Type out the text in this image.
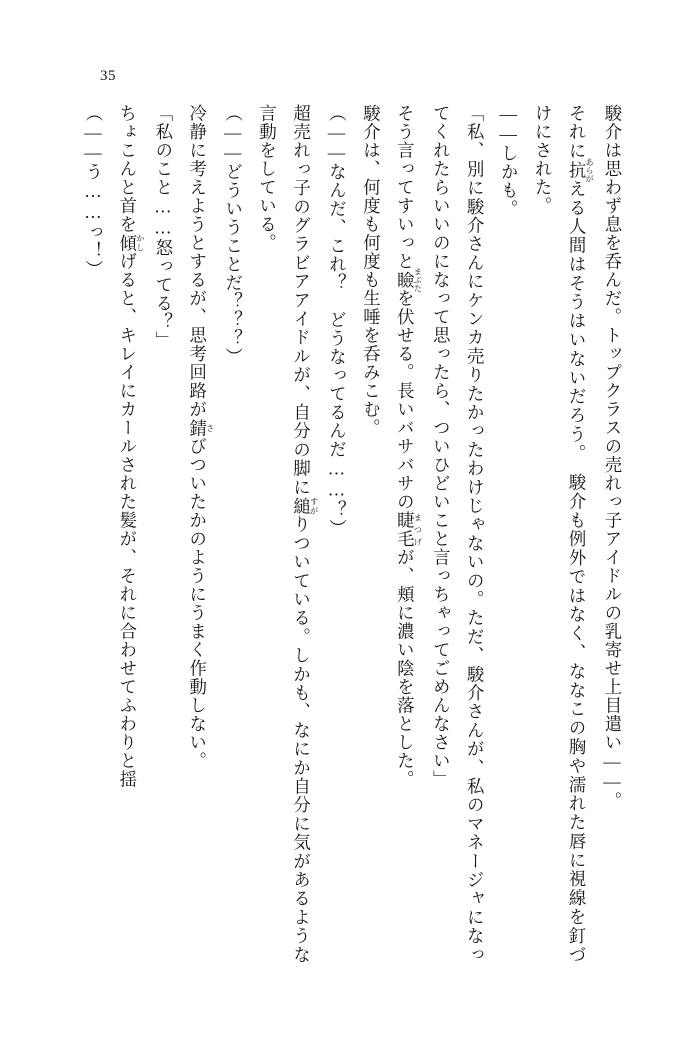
35

駿介は思わず息を呑んだ。トップクラスの売れっ子アイドルの乳寄せ上目遣い——。

それに抗 あらがえる人間はそうはいないだろう。　駿介も例外ではなく、ななこの胸や濡れた唇に視線を釘づけにされた。

——しかも。

「私、別に駿介さんにケンカ売りたかったわけじゃないの。ただ、駿介さんが、私のマネージャになってくれたらいいのになって思ったら、ついひどいこと言っちゃってごめんなさい」

そう言ってすいっと瞼 まぶたを伏せる。長いバサバサの睫毛 まつげが、頬に濃い陰を落とした。

駿介は、何度も何度も生唾を呑みこむ。

（——なんだ、これ？　どうなってるんだ……？）

超売れっ子のグラビアアイドルが、自分の脚に縋 すがりついている。しかも、なにか自分に気があるような言動をしている。

（——どういうことだ？？？）

冷静に考えようとするが、思考回路が錆 さびついたかのようにうまく作動しない。

「私のこと……怒ってる？」

ちょこんと首を傾 かしげると、キレイにカールされた髪が、それに合わせてふわりと揺

（——う……っ！）
